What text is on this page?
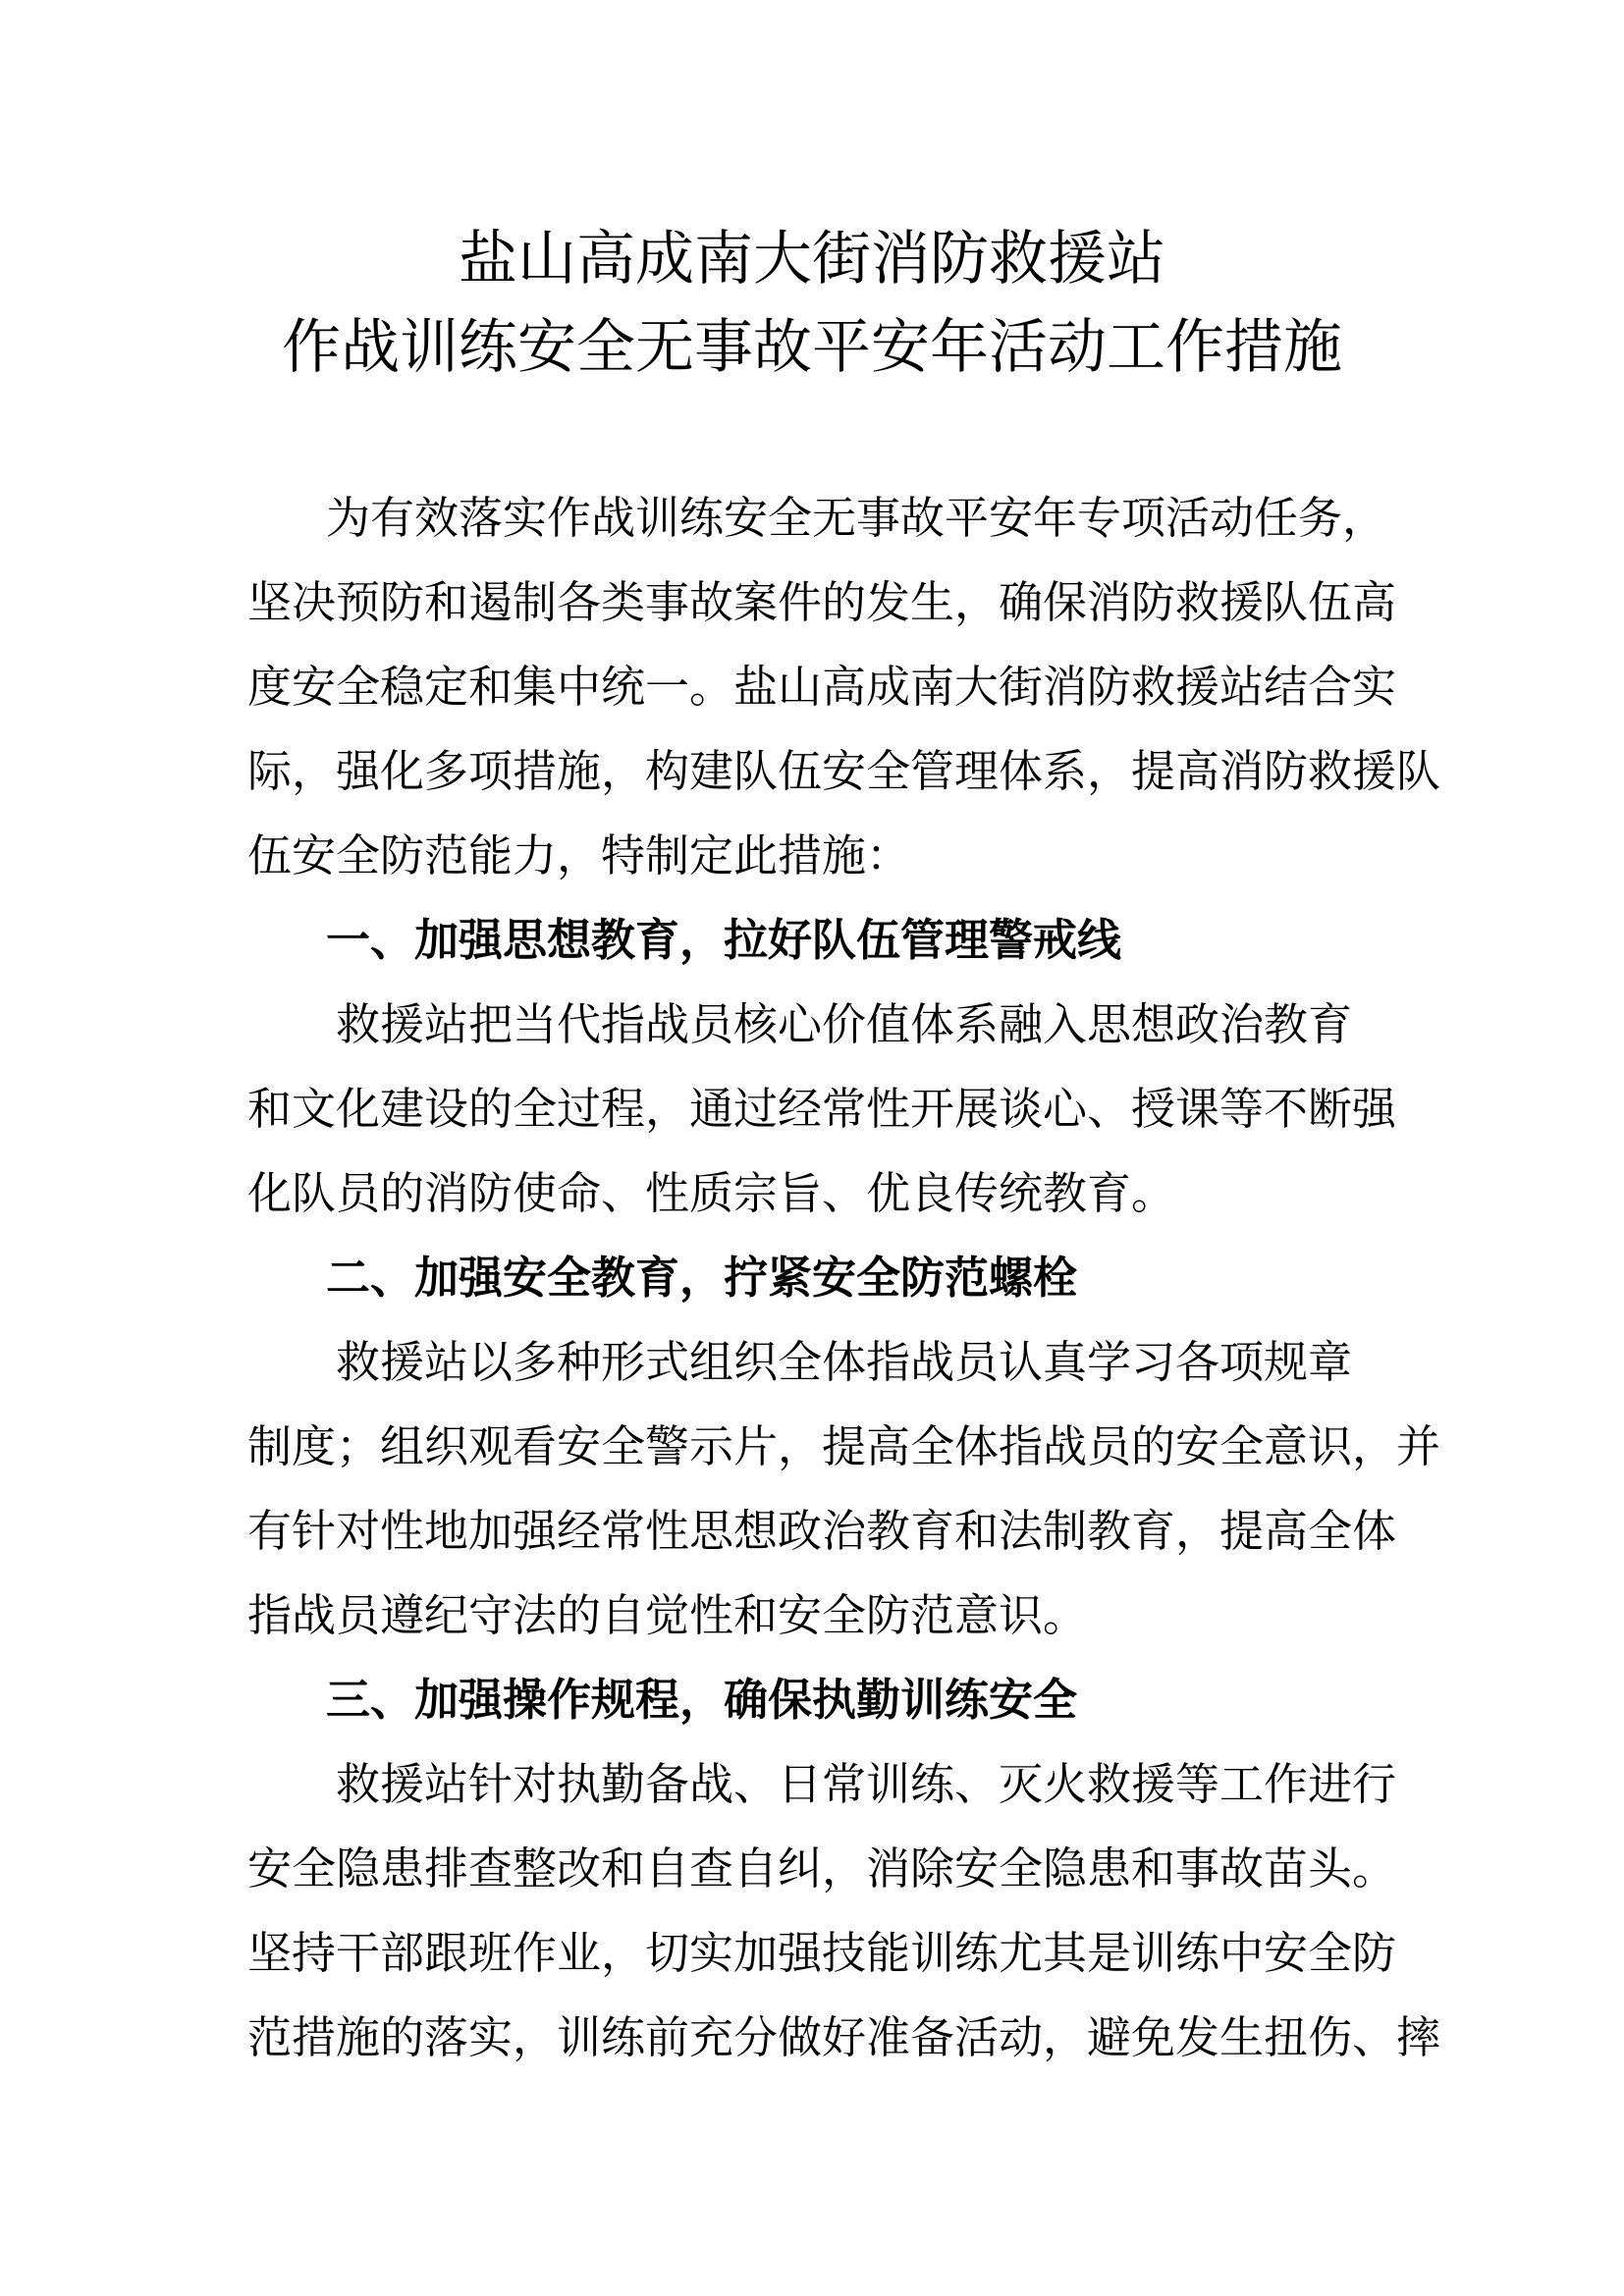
盐山高成南大街消防救援站
作战训练安全无事故平安年活动工作措施
为有效落实作战训练安全无事故平安年专项活动任务，
坚决预防和遏制各类事故案件的发生，确保消防救援队伍高
度安全稳定和集中统一。盐山高成南大街消防救援站结合实
际，强化多项措施，构建队伍安全管理体系，提高消防救援队
伍安全防范能力，特制定此措施：
一、加强思想教育，拉好队伍管理警戒线
救援站把当代指战员核心价值体系融入思想政治教育
和文化建设的全过程，通过经常性开展谈心、授课等不断强
化队员的消防使命、性质宗旨、优良传统教育。
二、加强安全教育，拧紧安全防范螺栓
救援站以多种形式组织全体指战员认真学习各项规章
制度；组织观看安全警示片，提高全体指战员的安全意识，并
有针对性地加强经常性思想政治教育和法制教育，提高全体
指战员遵纪守法的自觉性和安全防范意识。
三、加强操作规程，确保执勤训练安全
救援站针对执勤备战、日常训练、灭火救援等工作进行
安全隐患排查整改和自查自纠，消除安全隐患和事故苗头。
坚持干部跟班作业，切实加强技能训练尤其是训练中安全防
范措施的落实，训练前充分做好准备活动，避免发生扭伤、摔
